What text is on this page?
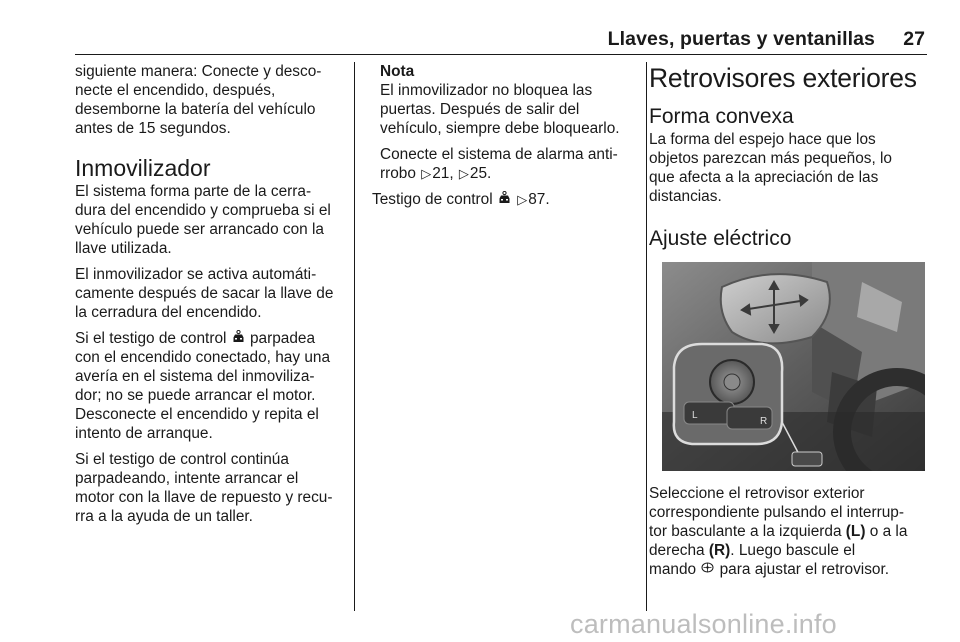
Llaves, puertas y ventanillas 27

siguiente manera: Conecte y desco-
necte el encendido, después,
desemborne la batería del vehículo
antes de 15 segundos.

Inmovilizador

El sistema forma parte de la cerra-
dura del encendido y comprueba si el
vehículo puede ser arrancado con la
llave utilizada.

El inmovilizador se activa automáti-
camente después de sacar la llave de
la cerradura del encendido.

Si el testigo de control parpadea
con el encendido conectado, hay una
avería en el sistema del inmoviliza-
dor; no se puede arrancar el motor.
Desconecte el encendido y repita el
intento de arranque.

Si el testigo de control continúa
parpadeando, intente arrancar el
motor con la llave de repuesto y recu-
rra a la ayuda de un taller.

Nota

El inmovilizador no bloquea las
puertas. Después de salir del
vehículo, siempre debe bloquearlo.

Conecte el sistema de alarma anti-
rrobo ▷21, ▷25.

Testigo de control ▷87.

Retrovisores exteriores

Forma convexa

La forma del espejo hace que los
objetos parezcan más pequeños, lo
que afecta a la apreciación de las
distancias.

Ajuste eléctrico

L
R

Seleccione el retrovisor exterior
correspondiente pulsando el interrup-
tor basculante a la izquierda (L) o a la
derecha (R). Luego bascule el
mando para ajustar el retrovisor.

carmanualsonline.info
